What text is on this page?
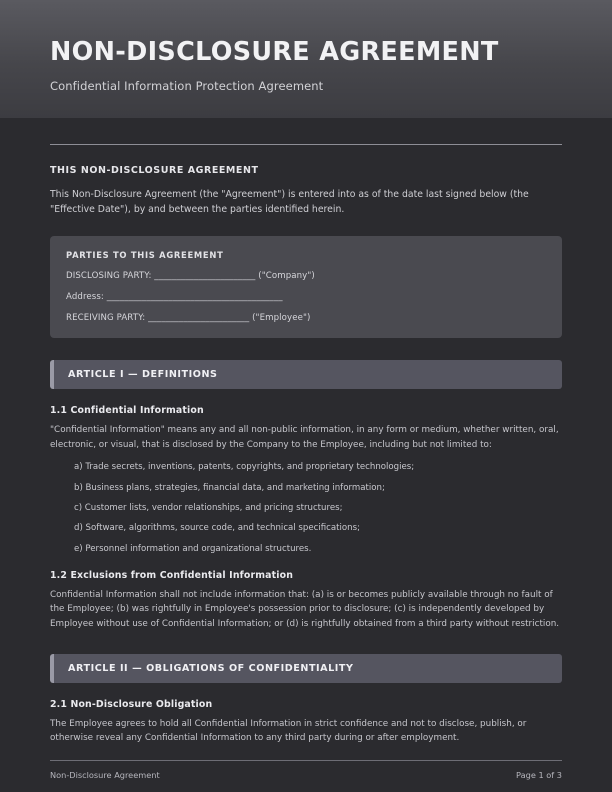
NON-DISCLOSURE AGREEMENT
Confidential Information Protection Agreement
THIS NON-DISCLOSURE AGREEMENT
This Non-Disclosure Agreement (the "Agreement") is entered into as of the date last signed below (the "Effective Date"), by and between the parties identified herein.
PARTIES TO THIS AGREEMENT
DISCLOSING PARTY: _______________________ ("Company")
Address: ________________________________________
RECEIVING PARTY: _______________________ ("Employee")
ARTICLE I — DEFINITIONS
1.1 Confidential Information
"Confidential Information" means any and all non-public information, in any form or medium, whether written, oral, electronic, or visual, that is disclosed by the Company to the Employee, including but not limited to:
a) Trade secrets, inventions, patents, copyrights, and proprietary technologies;
b) Business plans, strategies, financial data, and marketing information;
c) Customer lists, vendor relationships, and pricing structures;
d) Software, algorithms, source code, and technical specifications;
e) Personnel information and organizational structures.
1.2 Exclusions from Confidential Information
Confidential Information shall not include information that: (a) is or becomes publicly available through no fault of the Employee; (b) was rightfully in Employee's possession prior to disclosure; (c) is independently developed by Employee without use of Confidential Information; or (d) is rightfully obtained from a third party without restriction.
ARTICLE II — OBLIGATIONS OF CONFIDENTIALITY
2.1 Non-Disclosure Obligation
The Employee agrees to hold all Confidential Information in strict confidence and not to disclose, publish, or otherwise reveal any Confidential Information to any third party during or after employment.
Non-Disclosure Agreement	Page 1 of 3
